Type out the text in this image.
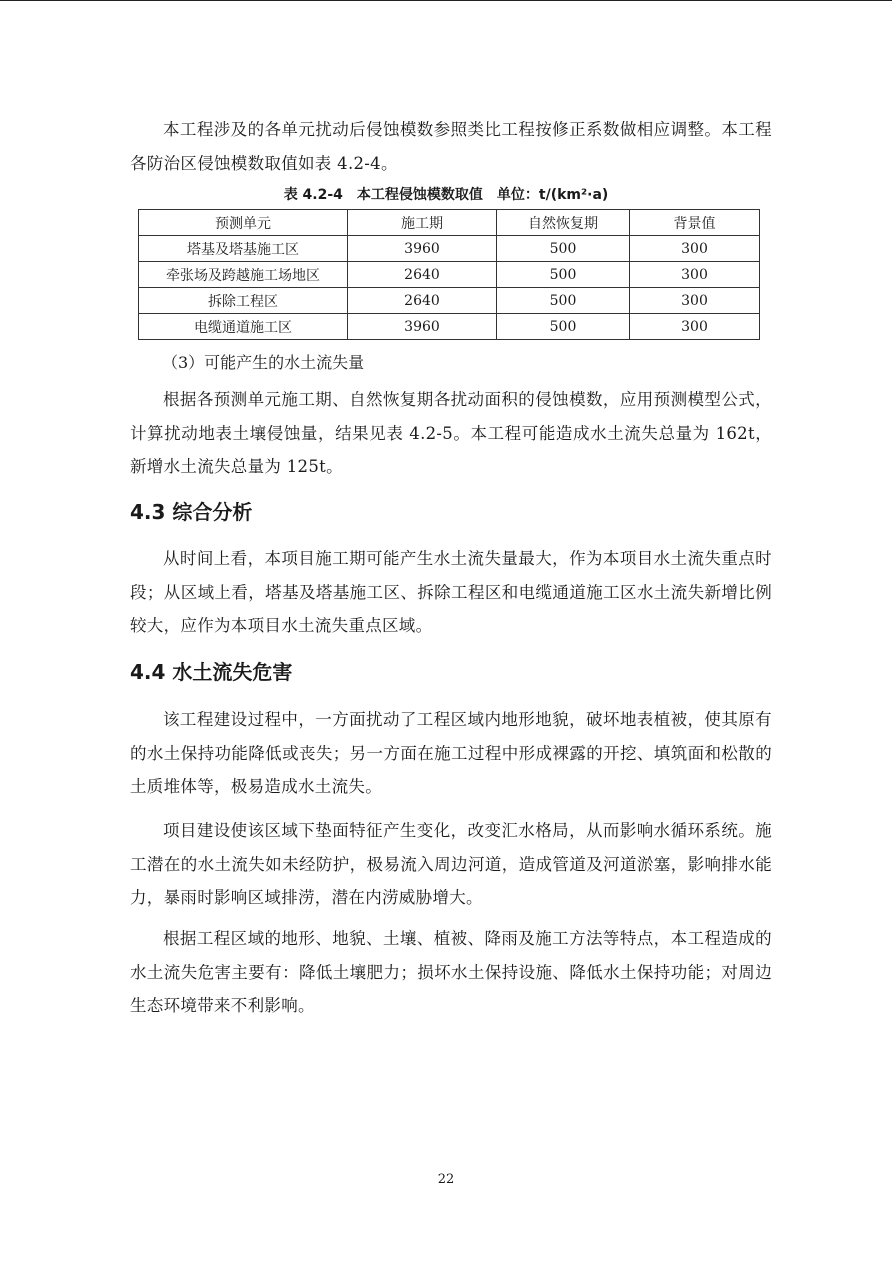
本工程涉及的各单元扰动后侵蚀模数参照类比工程按修正系数做相应调整。本工程各防治区侵蚀模数取值如表 4.2-4。

表 4.2-4　本工程侵蚀模数取值　单位：t/(km²·a)

预测单元	施工期	自然恢复期	背景值
塔基及塔基施工区	3960	500	300
牵张场及跨越施工场地区	2640	500	300
拆除工程区	2640	500	300
电缆通道施工区	3960	500	300

（3）可能产生的水土流失量

根据各预测单元施工期、自然恢复期各扰动面积的侵蚀模数，应用预测模型公式，计算扰动地表土壤侵蚀量，结果见表 4.2-5。本工程可能造成水土流失总量为 162t，新增水土流失总量为 125t。

4.3 综合分析

从时间上看，本项目施工期可能产生水土流失量最大，作为本项目水土流失重点时段；从区域上看，塔基及塔基施工区、拆除工程区和电缆通道施工区水土流失新增比例较大，应作为本项目水土流失重点区域。

4.4 水土流失危害

该工程建设过程中，一方面扰动了工程区域内地形地貌，破坏地表植被，使其原有的水土保持功能降低或丧失；另一方面在施工过程中形成裸露的开挖、填筑面和松散的土质堆体等，极易造成水土流失。

项目建设使该区域下垫面特征产生变化，改变汇水格局，从而影响水循环系统。施工潜在的水土流失如未经防护，极易流入周边河道，造成管道及河道淤塞，影响排水能力，暴雨时影响区域排涝，潜在内涝威胁增大。

根据工程区域的地形、地貌、土壤、植被、降雨及施工方法等特点，本工程造成的水土流失危害主要有：降低土壤肥力；损坏水土保持设施、降低水土保持功能；对周边生态环境带来不利影响。

22
